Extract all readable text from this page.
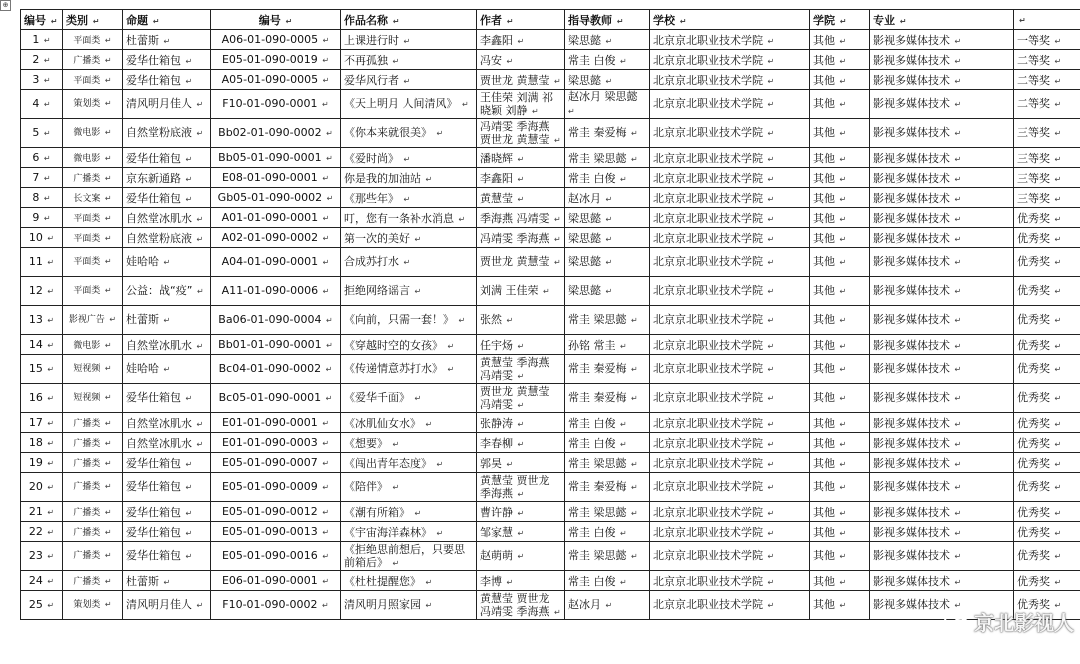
⊕
编号 ↵	类别 ↵	命题 ↵	编号 ↵	作品名称 ↵	作者 ↵	指导教师 ↵	学校 ↵	学院 ↵	专业 ↵	↵
1 ↵	平面类 ↵	杜蕾斯 ↵	A06-01-090-0005 ↵	上课进行时 ↵	李鑫阳 ↵	梁思懿 ↵	北京京北职业技术学院 ↵	其他 ↵	影视多媒体技术 ↵	一等奖 ↵
2 ↵	广播类 ↵	爱华仕箱包 ↵	E05-01-090-0019 ↵	不再孤独 ↵	冯安 ↵	常圭 白俊 ↵	北京京北职业技术学院 ↵	其他 ↵	影视多媒体技术 ↵	二等奖 ↵
3 ↵	平面类 ↵	爱华仕箱包 ↵	A05-01-090-0005 ↵	爱华风行者 ↵	贾世龙 黄慧莹 ↵	梁思懿 ↵	北京京北职业技术学院 ↵	其他 ↵	影视多媒体技术 ↵	二等奖 ↵
4 ↵	策划类 ↵	清风明月佳人 ↵	F10-01-090-0001 ↵	《天上明月 人间清风》 ↵	王佳荣 刘满 祁晓颖 刘静 ↵	赵冰月 梁思懿 ↵	北京京北职业技术学院 ↵	其他 ↵	影视多媒体技术 ↵	二等奖 ↵
5 ↵	微电影 ↵	自然堂粉底液 ↵	Bb02-01-090-0002 ↵	《你本来就很美》 ↵	冯靖雯 季海燕 贾世龙 黄慧莹 ↵	常圭 秦爱梅 ↵	北京京北职业技术学院 ↵	其他 ↵	影视多媒体技术 ↵	三等奖 ↵
6 ↵	微电影 ↵	爱华仕箱包 ↵	Bb05-01-090-0001 ↵	《爱时尚》 ↵	潘晓辉 ↵	常圭 梁思懿 ↵	北京京北职业技术学院 ↵	其他 ↵	影视多媒体技术 ↵	三等奖 ↵
7 ↵	广播类 ↵	京东新通路 ↵	E08-01-090-0001 ↵	你是我的加油站 ↵	李鑫阳 ↵	常圭 白俊 ↵	北京京北职业技术学院 ↵	其他 ↵	影视多媒体技术 ↵	三等奖 ↵
8 ↵	长文案 ↵	爱华仕箱包 ↵	Gb05-01-090-0002 ↵	《那些年》 ↵	黄慧莹 ↵	赵冰月 ↵	北京京北职业技术学院 ↵	其他 ↵	影视多媒体技术 ↵	三等奖 ↵
9 ↵	平面类 ↵	自然堂冰肌水 ↵	A01-01-090-0001 ↵	叮，您有一条补水消息 ↵	季海燕 冯靖雯 ↵	梁思懿 ↵	北京京北职业技术学院 ↵	其他 ↵	影视多媒体技术 ↵	优秀奖 ↵
10 ↵	平面类 ↵	自然堂粉底液 ↵	A02-01-090-0002 ↵	第一次的美好 ↵	冯靖雯 季海燕 ↵	梁思懿 ↵	北京京北职业技术学院 ↵	其他 ↵	影视多媒体技术 ↵	优秀奖 ↵
11 ↵	平面类 ↵	娃哈哈 ↵	A04-01-090-0001 ↵	合成苏打水 ↵	贾世龙 黄慧莹 ↵	梁思懿 ↵	北京京北职业技术学院 ↵	其他 ↵	影视多媒体技术 ↵	优秀奖 ↵
12 ↵	平面类 ↵	公益：战“疫” ↵	A11-01-090-0006 ↵	拒绝网络谣言 ↵	刘满 王佳荣 ↵	梁思懿 ↵	北京京北职业技术学院 ↵	其他 ↵	影视多媒体技术 ↵	优秀奖 ↵
13 ↵	影视广告 ↵	杜蕾斯 ↵	Ba06-01-090-0004 ↵	《向前，只需一套！》 ↵	张然 ↵	常圭 梁思懿 ↵	北京京北职业技术学院 ↵	其他 ↵	影视多媒体技术 ↵	优秀奖 ↵
14 ↵	微电影 ↵	自然堂冰肌水 ↵	Bb01-01-090-0001 ↵	《穿越时空的女孩》 ↵	任宇炀 ↵	孙铭 常圭 ↵	北京京北职业技术学院 ↵	其他 ↵	影视多媒体技术 ↵	优秀奖 ↵
15 ↵	短视频 ↵	娃哈哈 ↵	Bc04-01-090-0002 ↵	《传递情意苏打水》 ↵	黄慧莹 季海燕 冯靖雯 ↵	常圭 秦爱梅 ↵	北京京北职业技术学院 ↵	其他 ↵	影视多媒体技术 ↵	优秀奖 ↵
16 ↵	短视频 ↵	爱华仕箱包 ↵	Bc05-01-090-0001 ↵	《爱华千面》 ↵	贾世龙 黄慧莹 冯靖雯 ↵	常圭 秦爱梅 ↵	北京京北职业技术学院 ↵	其他 ↵	影视多媒体技术 ↵	优秀奖 ↵
17 ↵	广播类 ↵	自然堂冰肌水 ↵	E01-01-090-0001 ↵	《冰肌仙女水》 ↵	张静涛 ↵	常圭 白俊 ↵	北京京北职业技术学院 ↵	其他 ↵	影视多媒体技术 ↵	优秀奖 ↵
18 ↵	广播类 ↵	自然堂冰肌水 ↵	E01-01-090-0003 ↵	《想要》 ↵	李春柳 ↵	常圭 白俊 ↵	北京京北职业技术学院 ↵	其他 ↵	影视多媒体技术 ↵	优秀奖 ↵
19 ↵	广播类 ↵	爱华仕箱包 ↵	E05-01-090-0007 ↵	《闯出青年态度》 ↵	郭昊 ↵	常圭 梁思懿 ↵	北京京北职业技术学院 ↵	其他 ↵	影视多媒体技术 ↵	优秀奖 ↵
20 ↵	广播类 ↵	爱华仕箱包 ↵	E05-01-090-0009 ↵	《陪伴》 ↵	黄慧莹 贾世龙 季海燕 ↵	常圭 秦爱梅 ↵	北京京北职业技术学院 ↵	其他 ↵	影视多媒体技术 ↵	优秀奖 ↵
21 ↵	广播类 ↵	爱华仕箱包 ↵	E05-01-090-0012 ↵	《潮有所箱》 ↵	曹许静 ↵	常圭 梁思懿 ↵	北京京北职业技术学院 ↵	其他 ↵	影视多媒体技术 ↵	优秀奖 ↵
22 ↵	广播类 ↵	爱华仕箱包 ↵	E05-01-090-0013 ↵	《宇宙海洋森林》 ↵	邹家慧 ↵	常圭 白俊 ↵	北京京北职业技术学院 ↵	其他 ↵	影视多媒体技术 ↵	优秀奖 ↵
23 ↵	广播类 ↵	爱华仕箱包 ↵	E05-01-090-0016 ↵	《拒绝思前想后，只要思前箱后》 ↵	赵萌萌 ↵	常圭 梁思懿 ↵	北京京北职业技术学院 ↵	其他 ↵	影视多媒体技术 ↵	优秀奖 ↵
24 ↵	广播类 ↵	杜蕾斯 ↵	E06-01-090-0001 ↵	《杜杜提醒您》 ↵	李博 ↵	常圭 白俊 ↵	北京京北职业技术学院 ↵	其他 ↵	影视多媒体技术 ↵	优秀奖 ↵
25 ↵	策划类 ↵	清风明月佳人 ↵	F10-01-090-0002 ↵	清风明月照家园 ↵	黄慧莹 贾世龙 冯靖雯 季海燕 ↵	赵冰月 ↵	北京京北职业技术学院 ↵	其他 ↵	影视多媒体技术 ↵	优秀奖 ↵
京北影视人
